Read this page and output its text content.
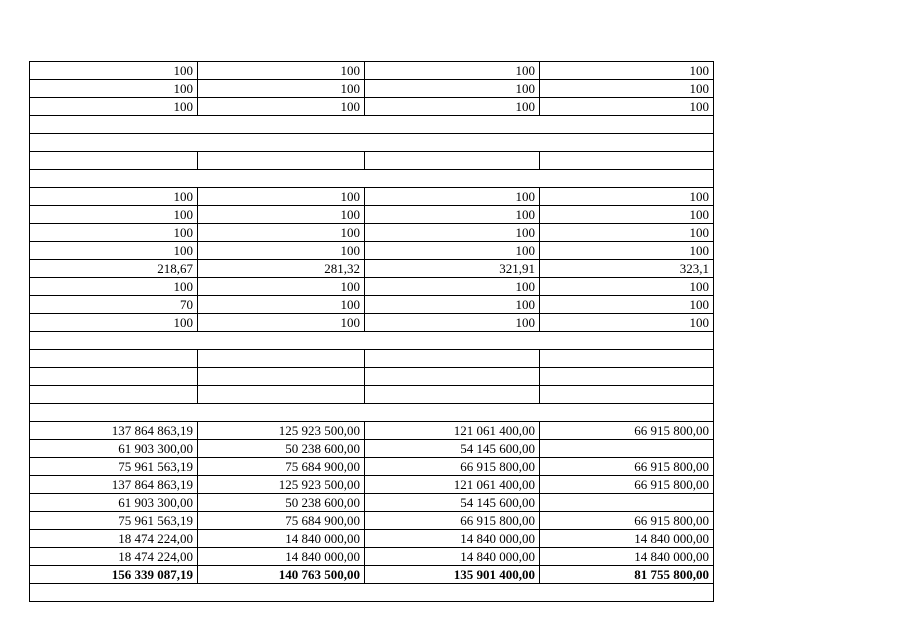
100	100	100	100
100	100	100	100
100	100	100	100

100	100	100	100
100	100	100	100
100	100	100	100
100	100	100	100
218,67	281,32	321,91	323,1
100	100	100	100
70	100	100	100
100	100	100	100

137 864 863,19	125 923 500,00	121 061 400,00	66 915 800,00
61 903 300,00	50 238 600,00	54 145 600,00	
75 961 563,19	75 684 900,00	66 915 800,00	66 915 800,00
137 864 863,19	125 923 500,00	121 061 400,00	66 915 800,00
61 903 300,00	50 238 600,00	54 145 600,00	
75 961 563,19	75 684 900,00	66 915 800,00	66 915 800,00
18 474 224,00	14 840 000,00	14 840 000,00	14 840 000,00
18 474 224,00	14 840 000,00	14 840 000,00	14 840 000,00
156 339 087,19	140 763 500,00	135 901 400,00	81 755 800,00
